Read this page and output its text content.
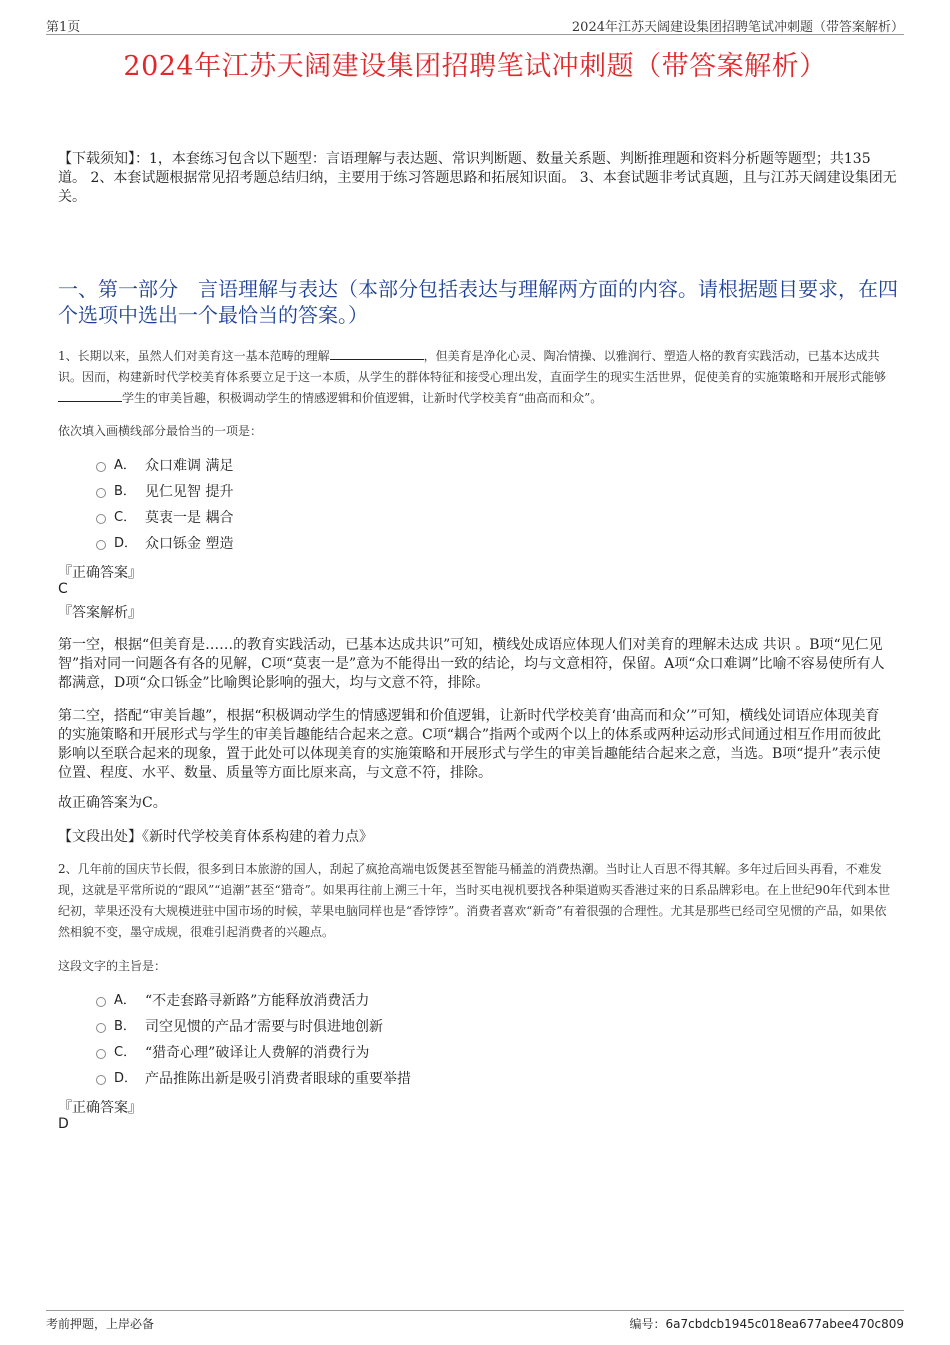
第1页	2024年江苏天阔建设集团招聘笔试冲刺题（带答案解析）
2024年江苏天阔建设集团招聘笔试冲刺题（带答案解析）
【下载须知】：1，本套练习包含以下题型：言语理解与表达题、常识判断题、数量关系题、判断推理题和资料分析题等题型；共135道。 2、本套试题根据常见招考题总结归纳，主要用于练习答题思路和拓展知识面。 3、本套试题非考试真题，且与江苏天阔建设集团无关。
一、第一部分　言语理解与表达（本部分包括表达与理解两方面的内容。请根据题目要求，在四个选项中选出一个最恰当的答案。）
1、长期以来，虽然人们对美育这一基本范畴的理解	，但美育是净化心灵、陶冶情操、以雅润行、塑造人格的教育实践活动，已基本达成共识。因而，构建新时代学校美育体系要立足于这一本质，从学生的群体特征和接受心理出发，直面学生的现实生活世界，促使美育的实施策略和开展形式能够学生的审美旨趣，积极调动学生的情感逻辑和价值逻辑，让新时代学校美育“曲高而和众”。
依次填入画横线部分最恰当的一项是：
A． 众口难调 满足
B． 见仁见智 提升
C． 莫衷一是 耦合
D． 众口铄金 塑造
『正确答案』
C
『答案解析』
第一空，根据“但美育是……的教育实践活动，已基本达成共识”可知，横线处成语应体现人们对美育的理解未达成 共识 。B项“见仁见智”指对同一问题各有各的见解，C项“莫衷一是”意为不能得出一致的结论，均与文意相符，保留。A项“众口难调”比喻不容易使所有人都满意，D项“众口铄金”比喻舆论影响的强大，均与文意不符，排除。
第二空，搭配“审美旨趣”，根据“积极调动学生的情感逻辑和价值逻辑，让新时代学校美育‘曲高而和众’”可知，横线处词语应体现美育的实施策略和开展形式与学生的审美旨趣能结合起来之意。C项“耦合”指两个或两个以上的体系或两种运动形式间通过相互作用而彼此影响以至联合起来的现象，置于此处可以体现美育的实施策略和开展形式与学生的审美旨趣能结合起来之意，当选。B项“提升”表示使位置、程度、水平、数量、质量等方面比原来高，与文意不符，排除。
故正确答案为C。
【文段出处】《新时代学校美育体系构建的着力点》
2、几年前的国庆节长假，很多到日本旅游的国人，刮起了疯抢高端电饭煲甚至智能马桶盖的消费热潮。当时让人百思不得其解。多年过后回头再看，不难发现，这就是平常所说的“跟风”“追潮”甚至“猎奇”。如果再往前上溯三十年，当时买电视机要找各种渠道购买香港过来的日系品牌彩电。在上世纪90年代到本世纪初，苹果还没有大规模进驻中国市场的时候，苹果电脑同样也是“香饽饽”。消费者喜欢“新奇”有着很强的合理性。尤其是那些已经司空见惯的产品，如果依然相貌不变，墨守成规，很难引起消费者的兴趣点。
这段文字的主旨是：
A． “不走套路寻新路”方能释放消费活力
B． 司空见惯的产品才需要与时俱进地创新
C． “猎奇心理”破译让人费解的消费行为
D． 产品推陈出新是吸引消费者眼球的重要举措
『正确答案』
D
考前押题，上岸必备	编号：6a7cbdcb1945c018ea677abee470c809
